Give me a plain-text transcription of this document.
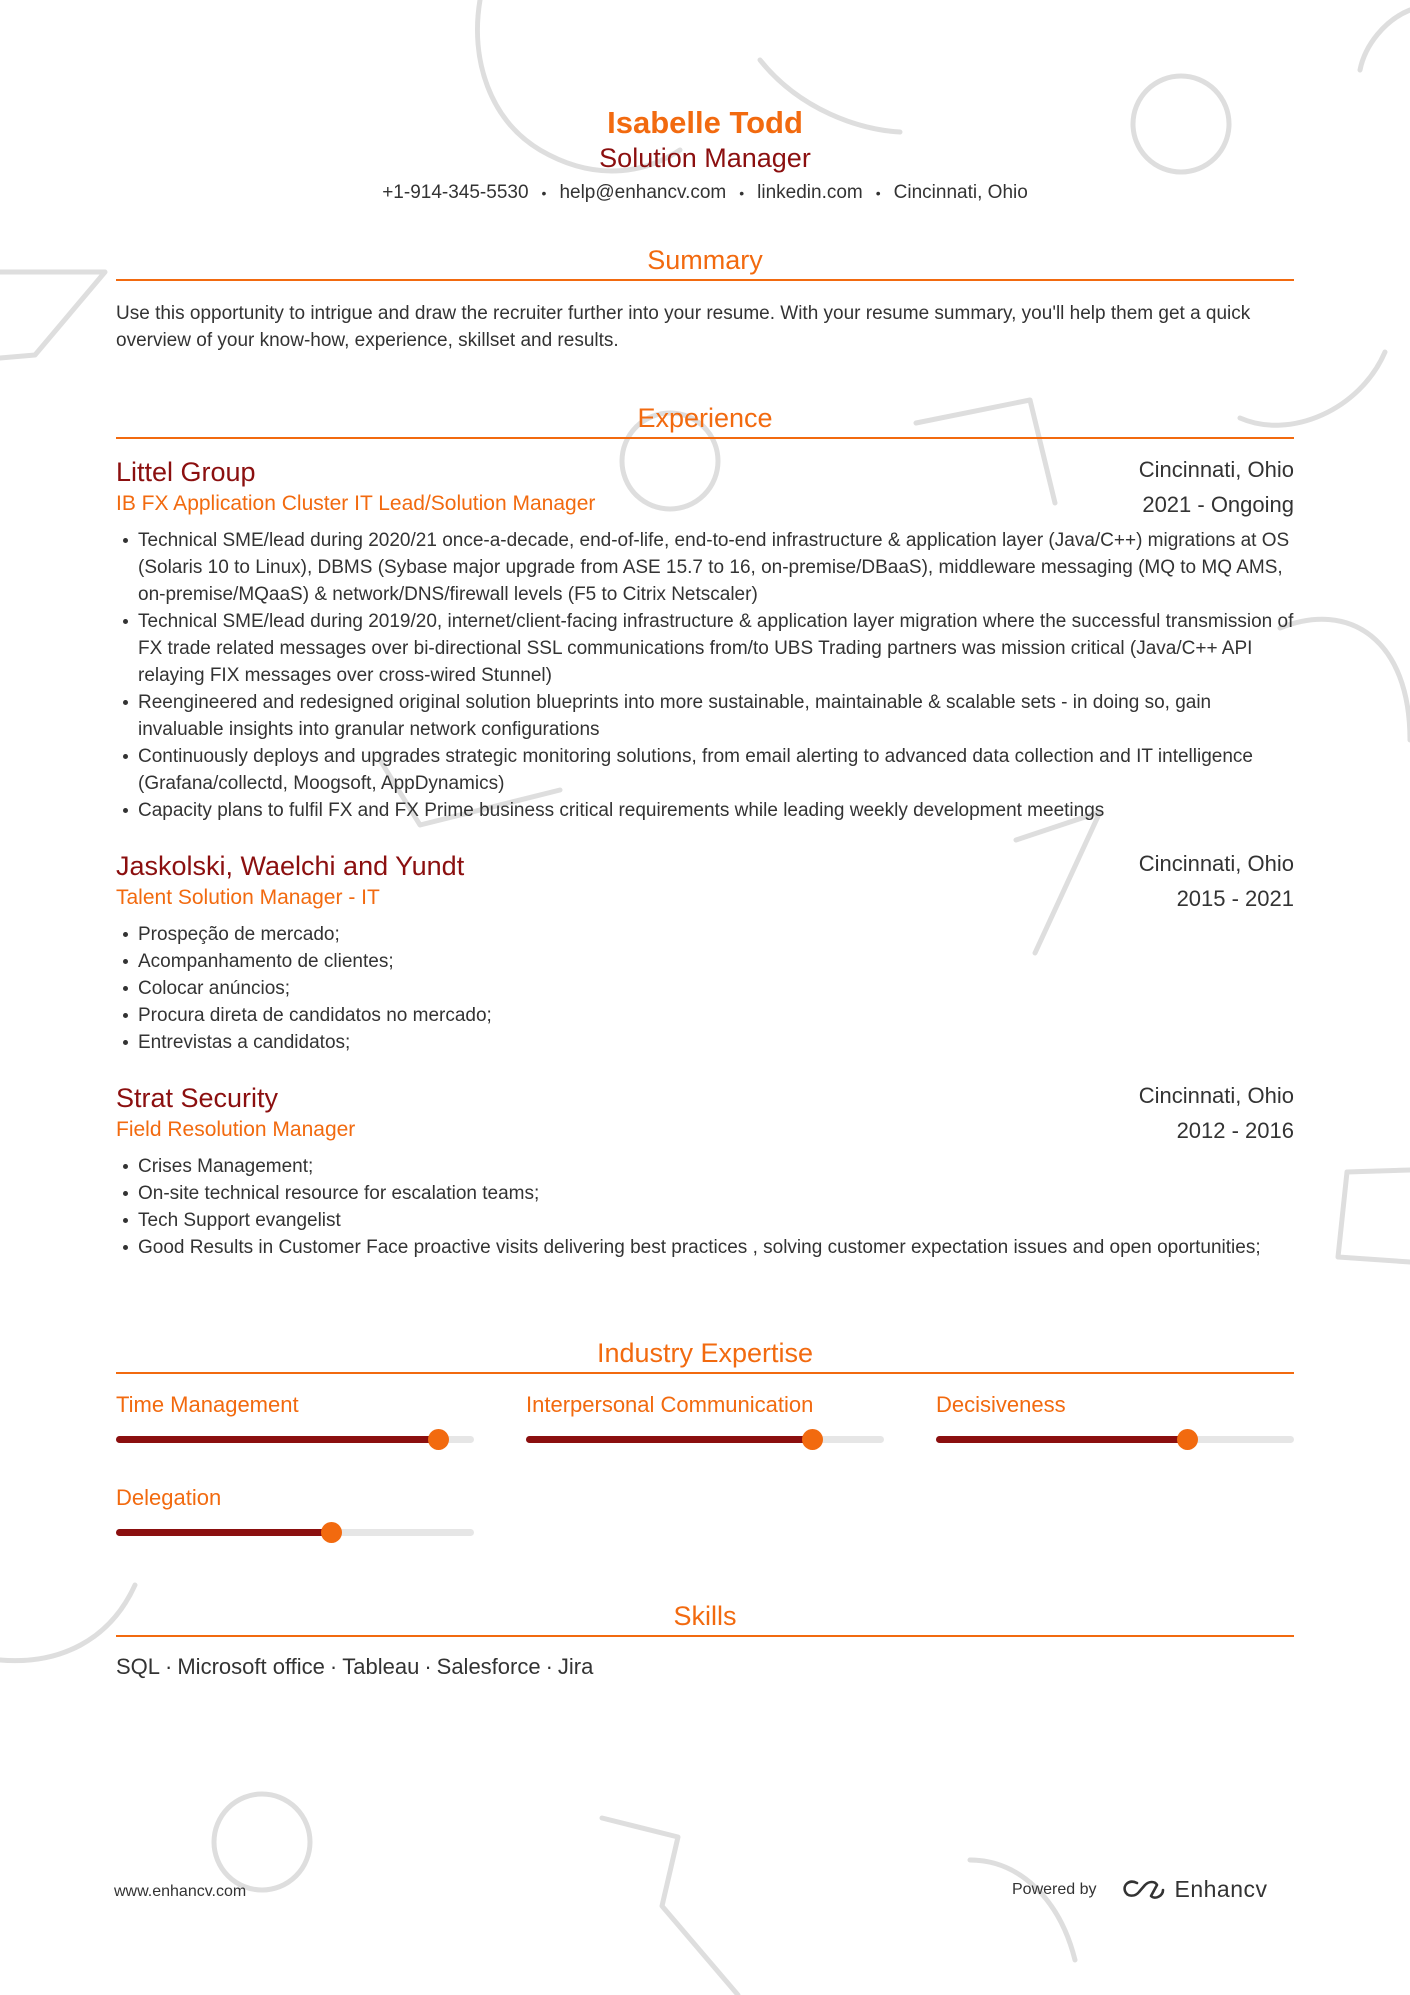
Isabelle Todd
Solution Manager
+1-914-345-5530 • help@enhancv.com • linkedin.com • Cincinnati, Ohio
Summary
Use this opportunity to intrigue and draw the recruiter further into your resume. With your resume summary, you'll help them get a quick overview of your know-how, experience, skillset and results.
Experience
Littel Group
IB FX Application Cluster IT Lead/Solution Manager
Cincinnati, Ohio
2021 - Ongoing
Technical SME/lead during 2020/21 once-a-decade, end-of-life, end-to-end infrastructure & application layer (Java/C++) migrations at OS (Solaris 10 to Linux), DBMS (Sybase major upgrade from ASE 15.7 to 16, on-premise/DBaaS), middleware messaging (MQ to MQ AMS, on-premise/MQaaS) & network/DNS/firewall levels (F5 to Citrix Netscaler)
Technical SME/lead during 2019/20, internet/client-facing infrastructure & application layer migration where the successful transmission of FX trade related messages over bi-directional SSL communications from/to UBS Trading partners was mission critical (Java/C++ API relaying FIX messages over cross-wired Stunnel)
Reengineered and redesigned original solution blueprints into more sustainable, maintainable & scalable sets - in doing so, gain invaluable insights into granular network configurations
Continuously deploys and upgrades strategic monitoring solutions, from email alerting to advanced data collection and IT intelligence (Grafana/collectd, Moogsoft, AppDynamics)
Capacity plans to fulfil FX and FX Prime business critical requirements while leading weekly development meetings
Jaskolski, Waelchi and Yundt
Talent Solution Manager - IT
Cincinnati, Ohio
2015 - 2021
Prospeção de mercado;
Acompanhamento de clientes;
Colocar anúncios;
Procura direta de candidatos no mercado;
Entrevistas a candidatos;
Strat Security
Field Resolution Manager
Cincinnati, Ohio
2012 - 2016
Crises Management;
On-site technical resource for escalation teams;
Tech Support evangelist
Good Results in Customer Face proactive visits delivering best practices , solving customer expectation issues and open oportunities;
Industry Expertise
Time Management	Interpersonal Communication	Decisiveness
Delegation
Skills
SQL · Microsoft office · Tableau · Salesforce · Jira
www.enhancv.com	Powered by	Enhancv
